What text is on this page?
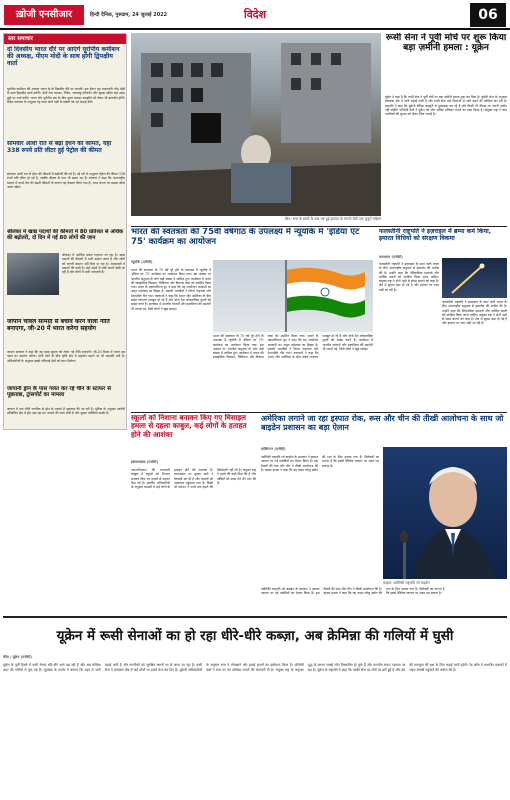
ख़ोजी एनसीआर	हिन्दी दैनिक, गुरुग्राम, 24 जुलाई 2022	विदेश	06
सार समाचार
दो दिवसीय भारत दौरे पर आएंगे यूरोपीय कमीशन की अध्यक्ष, पीएम मोदी के साथ होंगी द्विपक्षीय वार्ता
यूरोपीय कमीशन की अध्यक्ष भारत के दो दिवसीय दौरे पर आएंगी। इस दौरान वह प्रधानमंत्री नरेंद्र मोदी के साथ द्विपक्षीय वार्ता करेंगी। दोनों नेता व्यापार, निवेश, जलवायु परिवर्तन और सुरक्षा सहित कई अहम मुद्दों पर चर्चा करेंगे। भारत और यूरोपीय संघ के बीच मुक्त व्यापार समझौते को लेकर भी बातचीत होगी। विदेश मंत्रालय के अनुसार यह यात्रा दोनों पक्षों के संबंधों को नई ऊंचाई देगी।
सोमवार आधी रात से बढ़ी ईंधन की कीमत, यहां 338 रुपये प्रति लीटर हुई पेट्रोल की कीमत
सोमवार आधी रात से ईंधन की कीमतों में बढ़ोतरी की गई है। नई दरों के अनुसार पेट्रोल की कीमत 338 रुपये प्रति लीटर हो गई है, जबकि डीजल के दाम भी बढ़ाए गए हैं। सरकार ने कहा कि अंतरराष्ट्रीय बाजार में कच्चे तेल की बढ़ती कीमतों के कारण यह फैसला लिया गया है। आम जनता पर इसका सीधा असर पड़ेगा।
श्रीलंका में खाद्य पदार्थों की कीमतों में 80 प्रतिशत से अधिक की बढ़ोतरी, दो दिन में गईं 80 लोगों की जान
श्रीलंका में आर्थिक संकट गहराता जा रहा है। खाद्य पदार्थों की कीमतों में भारी उछाल आया है और लोगों को जरूरी सामान नहीं मिल पा रहा है। अस्पतालों में दवाओं की कमी है। कई शहरों में लंबी कतारें देखी जा रही हैं और लोगों में भारी नाराजगी है।
जापान चावल सामग्री से बचाव करने वाला नीति बनाएगा, जी-20 में भारत करेगा सहयोग
जापान सरकार ने कहा कि वह खाद्य सुरक्षा को लेकर नई नीति बनाएगी। जी-20 बैठक में भारत इस पहल का समर्थन करेगा। दोनों देशों के बीच कृषि क्षेत्र में सहयोग बढ़ाने पर भी सहमति बनी है। अधिकारियों के अनुसार इससे एशियाई देशों को लाभ मिलेगा।
जापानी ड्रोन के पास गलत कर रहे चीन के स्टाफर से पूछताछ, ट्रांसपोर्ट का मामला
जापान में एक चीनी नागरिक से ड्रोन के मामले में पूछताछ की जा रही है। पुलिस के अनुसार आरोपी प्रतिबंधित क्षेत्र में ड्रोन उड़ा रहा था। मामले की जांच जारी है और सुरक्षा एजेंसियां सतर्क हैं।
कीव: रूस के हमले के बाद नष्ट हुई इमारत के सामने बैठी एक बुजुर्ग महिला
रूसी सेना ने पूर्वी मोर्चे पर शुरू किया बड़ा ज़मीनी हमला : यूक्रेन
यूक्रेन ने कहा है कि रूसी सेना ने पूर्वी मोर्चे पर बड़ा ज़मीनी हमला शुरू कर दिया है। यूक्रेनी सेना के अनुसार डोनबास क्षेत्र में भारी लड़ाई जारी है और रूसी सेना कई दिशाओं से आगे बढ़ने की कोशिश कर रही है। राष्ट्रपति ने कहा कि यूक्रेनी सैनिक बहादुरी से मुकाबला कर रहे हैं और किसी भी कीमत पर अपनी ज़मीन नहीं छोड़ेंगे। पश्चिमी देशों ने यूक्रेन को और अधिक हथियार भेजने का वादा किया है। संयुक्त राष्ट्र ने आम नागरिकों की सुरक्षा को लेकर चिंता जताई है।
भारत की स्वतंत्रता की 75वीं वर्षगांठ के उपलक्ष्य में न्यूयॉर्क में 'इंडिया एट 75' कार्यक्रम का आयोजन
न्यूयॉर्क (एजेंसी)
भारत की स्वतंत्रता के 75 वर्ष पूरे होने के उपलक्ष्य में न्यूयॉर्क में 'इंडिया एट 75' कार्यक्रम का आयोजन किया गया। इस अवसर पर भारतीय समुदाय के लोग बड़ी संख्या में शामिल हुए। कार्यक्रम में भारत की सांस्कृतिक विरासत, विविधता और विकास यात्रा को प्रदर्शित किया गया। भारत के महावाणिज्य दूत ने कहा कि यह आयोजन आज़ादी का अमृत महोत्सव का हिस्सा है। प्रवासी भारतीयों ने तिरंगा फहराया और देशभक्ति गीत गाए। वक्ताओं ने कहा कि भारत और अमेरिका के बीच संबंध लगातार मज़बूत हो रहे हैं और दोनों देश लोकतांत्रिक मूल्यों को साझा करते हैं। कार्यक्रम में भारतीय व्यंजनों और हस्तशिल्प की प्रदर्शनी भी लगाई गई, जिसे लोगों ने खूब सराहा।
भारत की स्वतंत्रता के 75 वर्ष पूरे होने के उपलक्ष्य में न्यूयॉर्क में 'इंडिया एट 75' कार्यक्रम का आयोजन किया गया। इस अवसर पर भारतीय समुदाय के लोग बड़ी संख्या में शामिल हुए। कार्यक्रम में भारत की सांस्कृतिक विरासत, विविधता और विकास यात्रा को प्रदर्शित किया गया। भारत के महावाणिज्य दूत ने कहा कि यह आयोजन आज़ादी का अमृत महोत्सव का हिस्सा है। प्रवासी भारतीयों ने तिरंगा फहराया और देशभक्ति गीत गाए। वक्ताओं ने कहा कि भारत और अमेरिका के बीच संबंध लगातार मज़बूत हो रहे हैं और दोनों देश लोकतांत्रिक मूल्यों को साझा करते हैं। कार्यक्रम में भारतीय व्यंजनों और हस्तशिल्प की प्रदर्शनी भी लगाई गई, जिसे लोगों ने खूब सराहा।
फलस्तीनी राष्ट्रपति ने इज़राइल में ब्रम्पा कर्म किया, इमारत विधियों को संरक्षण विकमा
यरुशलम (एजेंसी)
फलस्तीनी राष्ट्रपति ने इज़राइल के साथ जारी तनाव के बीच अंतरराष्ट्रीय समुदाय से हस्तक्षेप की अपील की है। उन्होंने कहा कि ऐतिहासिक इमारतों और धार्मिक स्थलों को संरक्षित किया जाना चाहिए। संयुक्त राष्ट्र ने दोनों पक्षों से संयम बरतने को कहा है। क्षेत्र में सुरक्षा बढ़ा दी गई है और हालात पर नज़र रखी जा रही है।
फलस्तीनी राष्ट्रपति ने इज़राइल के साथ जारी तनाव के बीच अंतरराष्ट्रीय समुदाय से हस्तक्षेप की अपील की है। उन्होंने कहा कि ऐतिहासिक इमारतों और धार्मिक स्थलों को संरक्षित किया जाना चाहिए। संयुक्त राष्ट्र ने दोनों पक्षों से संयम बरतने को कहा है। क्षेत्र में सुरक्षा बढ़ा दी गई है और हालात पर नज़र रखी जा रही है।
स्कूलों को निशाना बनाकर किए गए मिसाइल हमला से दहला काबुल, कई लोगों के हताहत होने की आशंका
इस्लामाबाद (एजेंसी)
अफगानिस्तान की राजधानी काबुल में स्कूलों को निशाना बनाकर किए गए हमलों से दहशत फैल गई है। स्थानीय अधिकारियों के अनुसार धमाकों में कई लोगों के हताहत होने की आशंका है। घटनास्थल पर सुरक्षा बलों ने घेराबंदी कर दी है और घायलों को अस्पताल पहुंचाया गया है। किसी भी संगठन ने अभी तक हमले की ज़िम्मेदारी नहीं ली है। संयुक्त राष्ट्र ने हमले की कड़ी निंदा की है और दोषियों को सज़ा देने की मांग की है।
अमेरिका लगाने जा रहा इस्पात रोक, रूस और चीन की तीखी आलोचना के साथ जो बाइडेन प्रशासन का बड़ा ऐलान
वाशिंगटन (एजेंसी)
अमेरिकी राष्ट्रपति जो बाइडेन के प्रशासन ने इस्पात आयात पर नई पाबंदियों का ऐलान किया है। इस फैसले की रूस और चीन ने तीखी आलोचना की है। व्हाइट हाउस ने कहा कि यह कदम घरेलू उद्योग की रक्षा के लिए उठाया गया है। विशेषज्ञों का मानना है कि इससे वैश्विक व्यापार पर असर पड़ सकता है।
फ़ाइल: अमेरिकी राष्ट्रपति जो बाइडेन
अमेरिकी राष्ट्रपति जो बाइडेन के प्रशासन ने इस्पात आयात पर नई पाबंदियों का ऐलान किया है। इस फैसले की रूस और चीन ने तीखी आलोचना की है। व्हाइट हाउस ने कहा कि यह कदम घरेलू उद्योग की रक्षा के लिए उठाया गया है। विशेषज्ञों का मानना है कि इससे वैश्विक व्यापार पर असर पड़ सकता है।
यूक्रेन में रूसी सेनाओं का हो रहा धीरे-धीरे कब्ज़ा, अब क्रेमिन्ना की गलियों में घुसी
कीव / यूक्रेन (एजेंसी)
यूक्रेन के पूर्वी हिस्से में रूसी सेनाएं धीरे-धीरे आगे बढ़ रही हैं और अब क्रेमिन्ना शहर की गलियों में घुस गई हैं। लुहांस्क के गवर्नर ने बताया कि शहर में भारी लड़ाई जारी है और नागरिकों को सुरक्षित स्थानों पर ले जाया जा रहा है। रूसी सेना ने डोनबास क्षेत्र में कई मोर्चों पर हमले तेज़ कर दिए हैं। यूक्रेनी अधिकारियों के अनुसार रूस ने तोपखाने और हवाई हमलों का इस्तेमाल किया है। पश्चिमी देशों ने रूस पर नए प्रतिबंध लगाने की चेतावनी दी है। संयुक्त राष्ट्र के अनुसार युद्ध के कारण लाखों लोग विस्थापित हो चुके हैं और मानवीय संकट गहराता जा रहा है। यूक्रेन के राष्ट्रपति ने कहा कि उनकी सेना हर मोर्चे पर डटी हुई है और देश की संप्रभुता की रक्षा के लिए लड़ाई जारी रहेगी। रेड क्रॉस ने प्रभावित इलाकों में राहत सामग्री पहुंचाने की अपील की है।
